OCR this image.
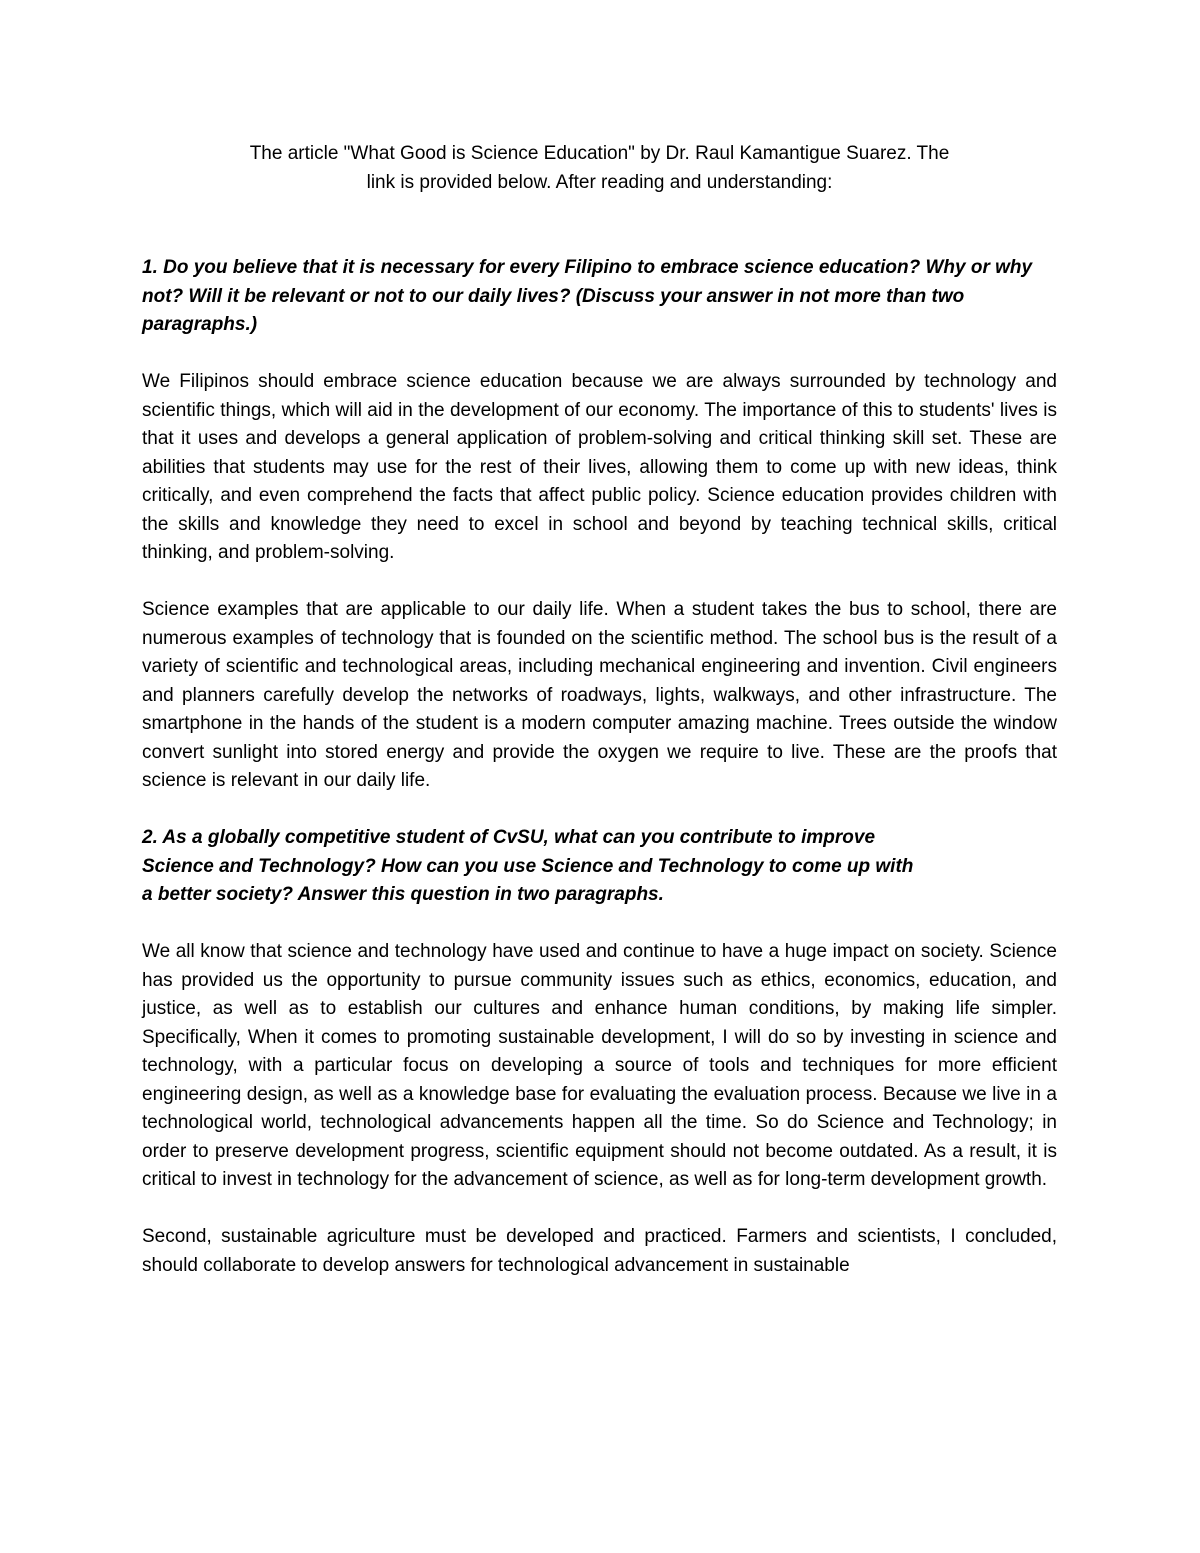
The article "What Good is Science Education" by Dr. Raul Kamantigue Suarez. The
link is provided below. After reading and understanding:

1. Do you believe that it is necessary for every Filipino to embrace science education? Why or why not? Will it be relevant or not to our daily lives? (Discuss your answer in not more than two paragraphs.)

We Filipinos should embrace science education because we are always surrounded by technology and scientific things, which will aid in the development of our economy. The importance of this to students' lives is that it uses and develops a general application of problem-solving and critical thinking skill set. These are abilities that students may use for the rest of their lives, allowing them to come up with new ideas, think critically, and even comprehend the facts that affect public policy. Science education provides children with the skills and knowledge they need to excel in school and beyond by teaching technical skills, critical thinking, and problem-solving.

Science examples that are applicable to our daily life. When a student takes the bus to school, there are numerous examples of technology that is founded on the scientific method. The school bus is the result of a variety of scientific and technological areas, including mechanical engineering and invention. Civil engineers and planners carefully develop the networks of roadways, lights, walkways, and other infrastructure. The smartphone in the hands of the student is a modern computer amazing machine. Trees outside the window convert sunlight into stored energy and provide the oxygen we require to live. These are the proofs that science is relevant in our daily life.

2. As a globally competitive student of CvSU, what can you contribute to improve
Science and Technology? How can you use Science and Technology to come up with
a better society? Answer this question in two paragraphs.

We all know that science and technology have used and continue to have a huge impact on society. Science has provided us the opportunity to pursue community issues such as ethics, economics, education, and justice, as well as to establish our cultures and enhance human conditions, by making life simpler. Specifically, When it comes to promoting sustainable development, I will do so by investing in science and technology, with a particular focus on developing a source of tools and techniques for more efficient engineering design, as well as a knowledge base for evaluating the evaluation process. Because we live in a technological world, technological advancements happen all the time. So do Science and Technology; in order to preserve development progress, scientific equipment should not become outdated. As a result, it is critical to invest in technology for the advancement of science, as well as for long-term development growth.

Second, sustainable agriculture must be developed and practiced. Farmers and scientists, I concluded, should collaborate to develop answers for technological advancement in sustainable
